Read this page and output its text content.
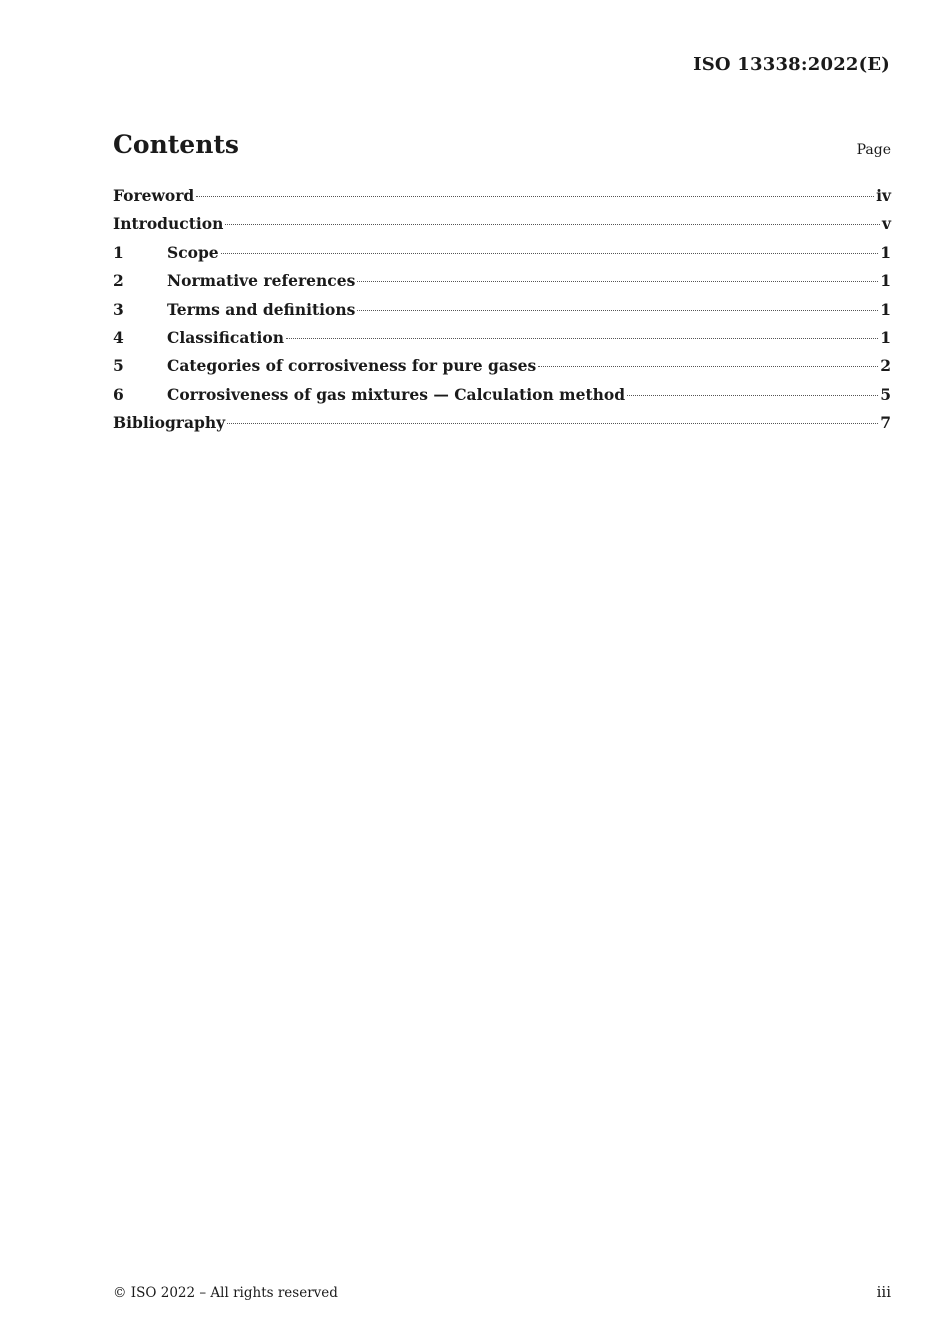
ISO 13338:2022(E)
Contents	Page
Foreword	iv
Introduction	v
1	Scope	1
2	Normative references	1
3	Terms and definitions	1
4	Classification	1
5	Categories of corrosiveness for pure gases	2
6	Corrosiveness of gas mixtures — Calculation method	5
Bibliography	7
© ISO 2022 – All rights reserved	iii
